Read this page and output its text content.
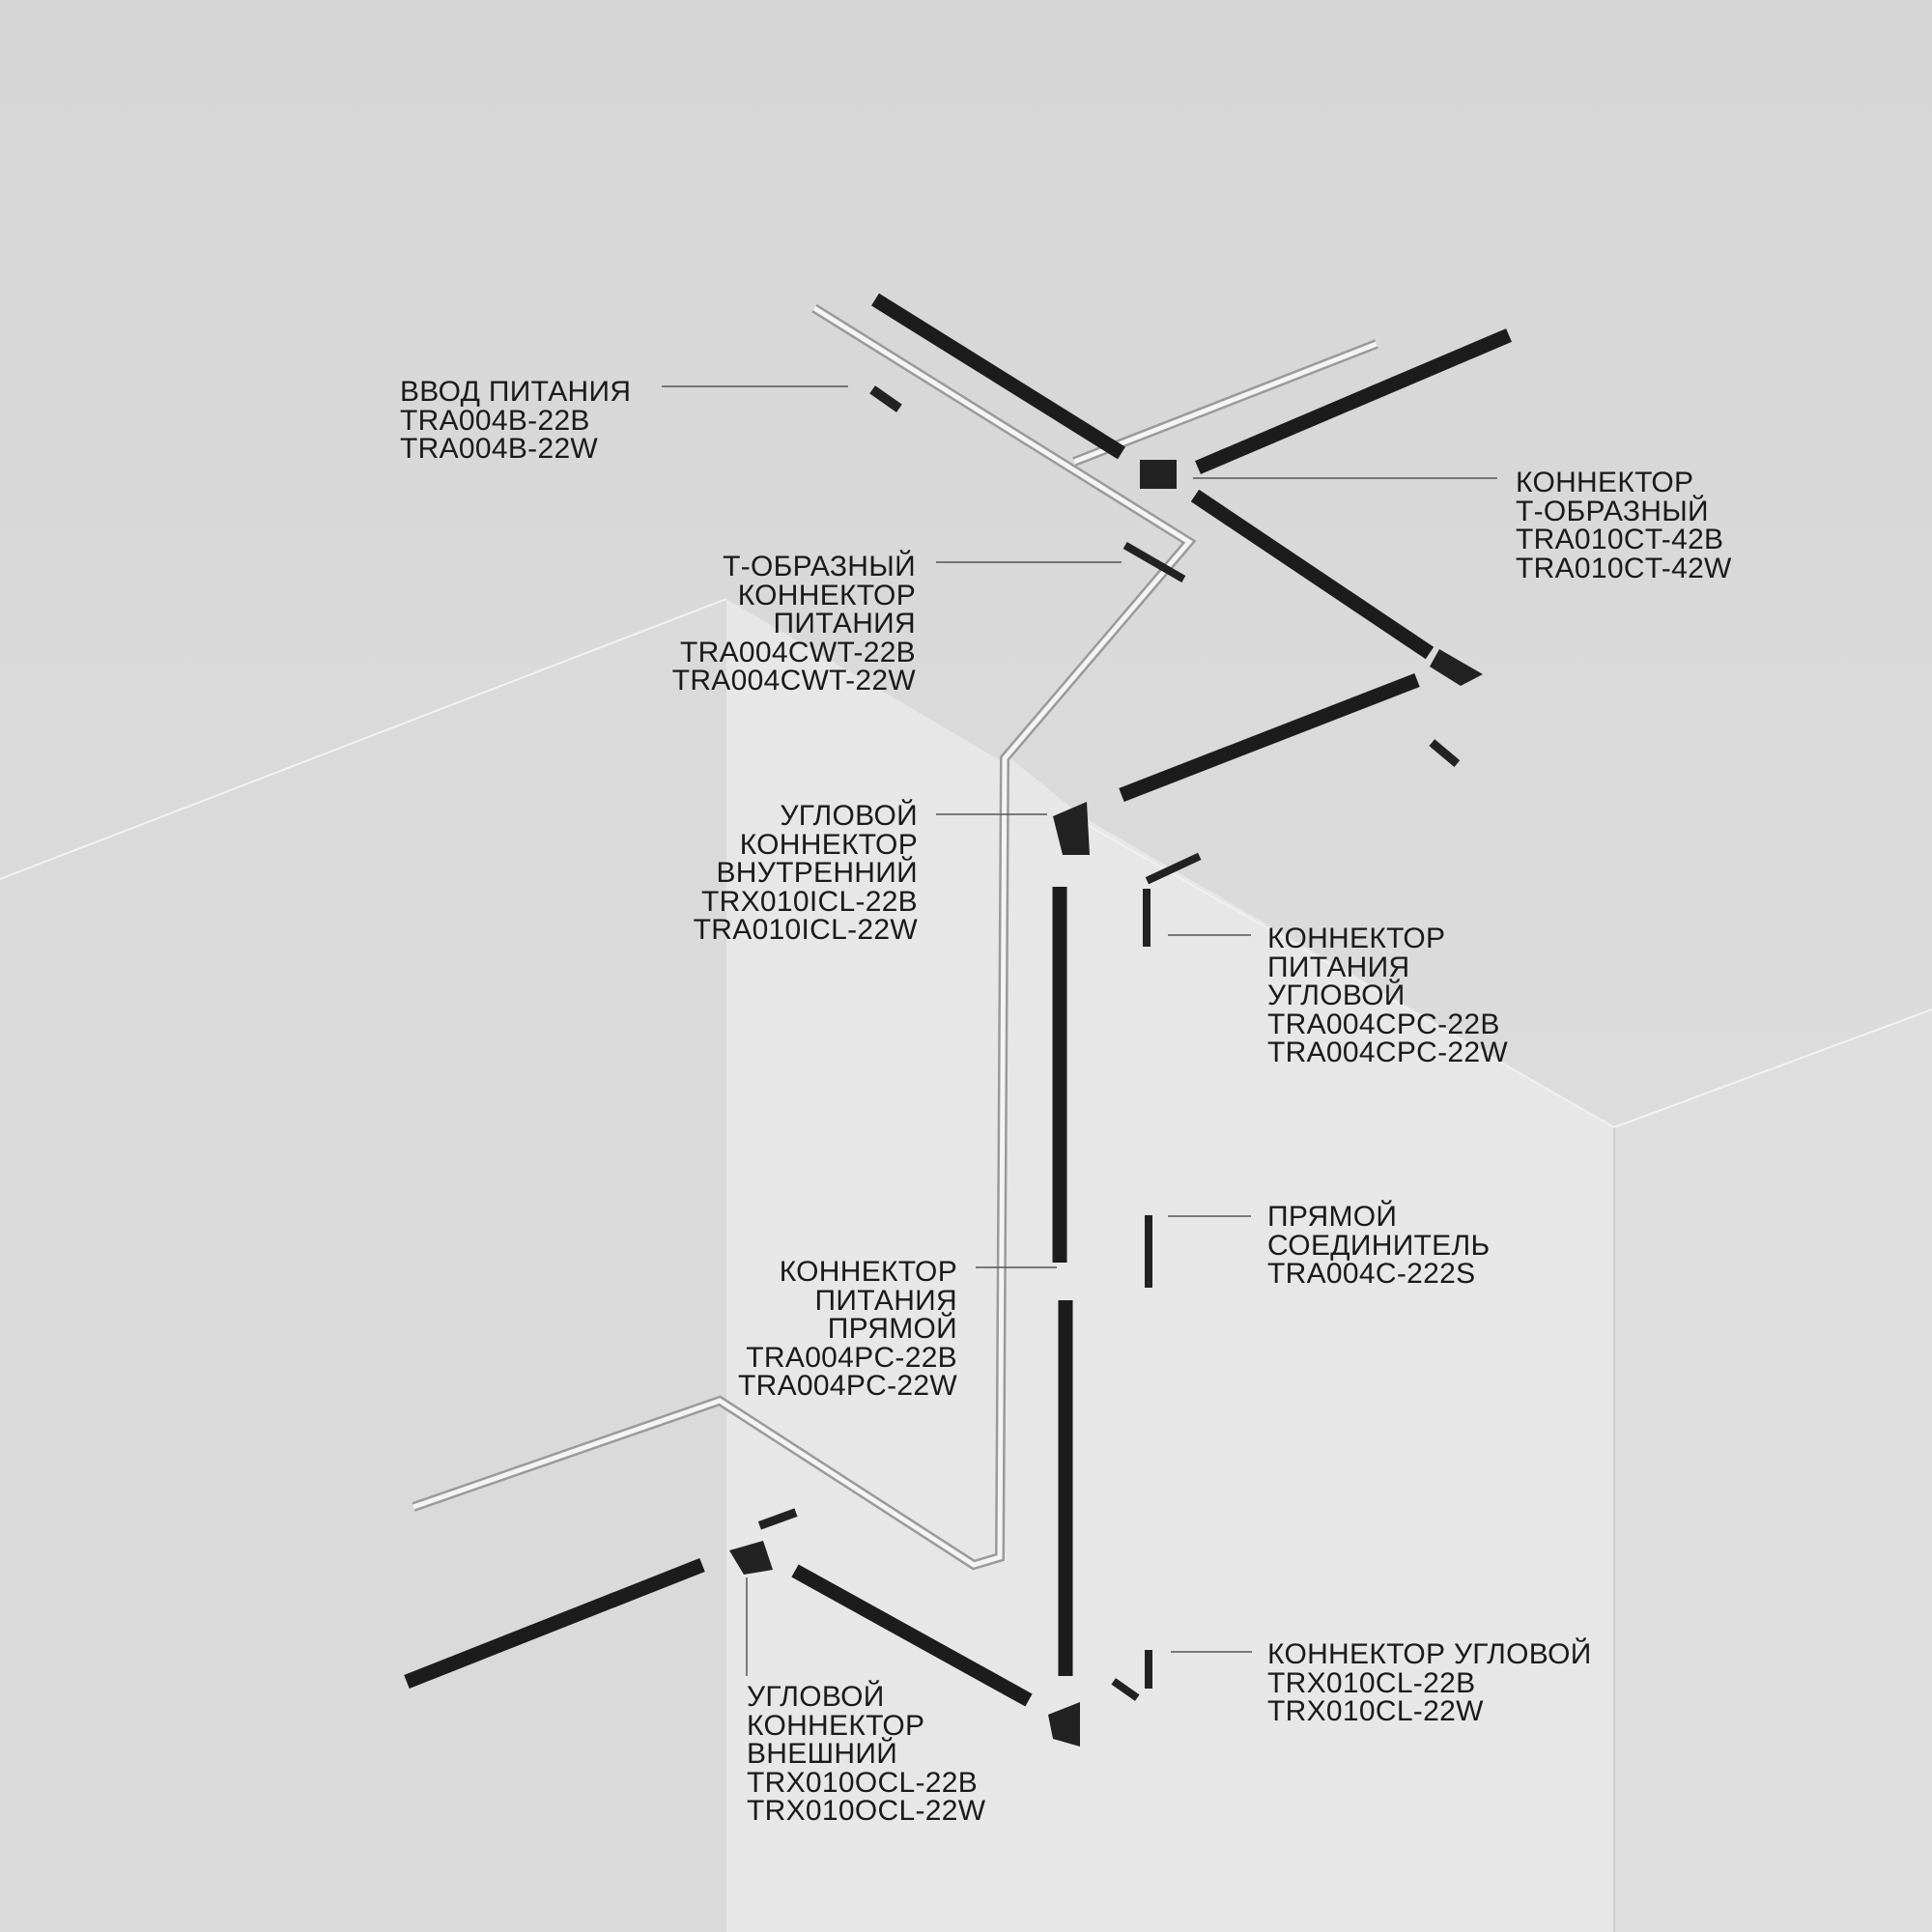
ВВОД ПИТАНИЯ
TRA004B-22B
TRA004B-22W
Т-ОБРАЗНЫЙ
КОННЕКТОР
ПИТАНИЯ
TRA004CWT-22B
TRA004CWT-22W
КОННЕКТОР
Т-ОБРАЗНЫЙ
TRA010CT-42B
TRA010CT-42W
УГЛОВОЙ
КОННЕКТОР
ВНУТРЕННИЙ
TRX010ICL-22B
TRA010ICL-22W	КОННЕКТОР
ПИТАНИЯ
УГЛОВОЙ
TRA004CPC-22B
TRA004CPC-22W
ПРЯМОЙ
СОЕДИНИТЕЛЬ
TRA004C-222S
КОННЕКТОР
ПИТАНИЯ
ПРЯМОЙ
TRA004PC-22B
TRA004PC-22W
КОННЕКТОР УГЛОВОЙ
TRX010CL-22B
TRX010CL-22W
УГЛОВОЙ
КОННЕКТОР
ВНЕШНИЙ
TRX010OCL-22B
TRX010OCL-22W
